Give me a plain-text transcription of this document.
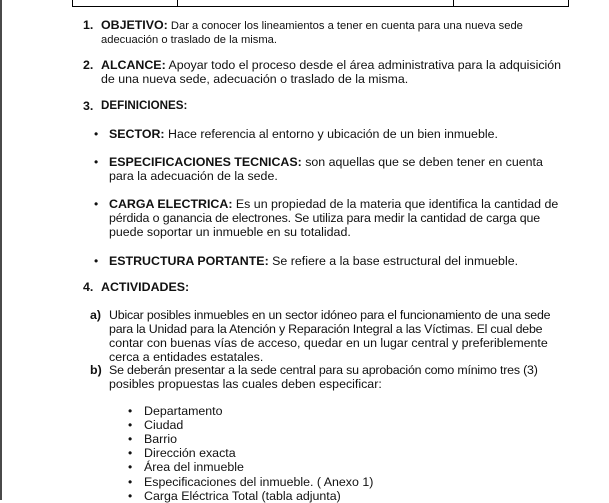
1. OBJETIVO: Dar a conocer los lineamientos a tener en cuenta para una nueva sede
adecuación o traslado de la misma.
2. ALCANCE: Apoyar todo el proceso desde el área administrativa para la adquisición
de una nueva sede, adecuación o traslado de la misma.
3. DEFINICIONES:
• SECTOR: Hace referencia al entorno y ubicación de un bien inmueble.
• ESPECIFICACIONES TECNICAS: son aquellas que se deben tener en cuenta
para la adecuación de la sede.
• CARGA ELECTRICA: Es un propiedad de la materia que identifica la cantidad de
pérdida o ganancia de electrones. Se utiliza para medir la cantidad de carga que
puede soportar un inmueble en su totalidad.
• ESTRUCTURA PORTANTE: Se refiere a la base estructural del inmueble.
4. ACTIVIDADES:
a) Ubicar posibles inmuebles en un sector idóneo para el funcionamiento de una sede
para la Unidad para la Atención y Reparación Integral a las Víctimas. El cual debe
contar con buenas vías de acceso, quedar en un lugar central y preferiblemente
cerca a entidades estatales.
b) Se deberán presentar a la sede central para su aprobación como mínimo tres (3)
posibles propuestas las cuales deben especificar:
• Departamento
• Ciudad
• Barrio
• Dirección exacta
• Área del inmueble
• Especificaciones del inmueble. ( Anexo 1)
• Carga Eléctrica Total (tabla adjunta)
